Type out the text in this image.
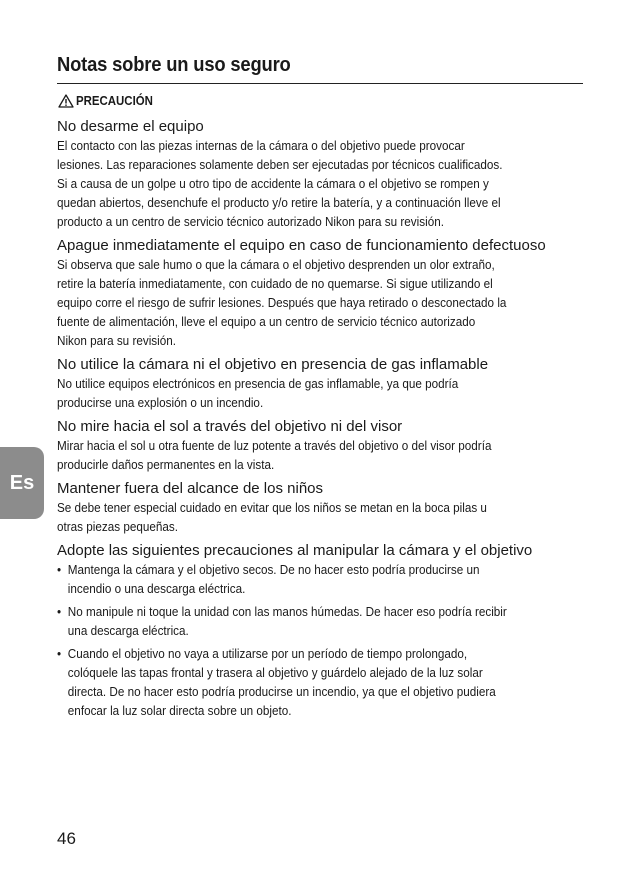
Notas sobre un uso seguro
PRECAUCIÓN
No desarme el equipo

El contacto con las piezas internas de la cámara o del objetivo puede provocar
lesiones. Las reparaciones solamente deben ser ejecutadas por técnicos cualificados.
Si a causa de un golpe u otro tipo de accidente la cámara o el objetivo se rompen y
quedan abiertos, desenchufe el producto y/o retire la batería, y a continuación lleve el
producto a un centro de servicio técnico autorizado Nikon para su revisión.

Apague inmediatamente el equipo en caso de funcionamiento defectuoso

Si observa que sale humo o que la cámara o el objetivo desprenden un olor extraño,
retire la batería inmediatamente, con cuidado de no quemarse. Si sigue utilizando el
equipo corre el riesgo de sufrir lesiones. Después que haya retirado o desconectado la
fuente de alimentación, lleve el equipo a un centro de servicio técnico autorizado
Nikon para su revisión.

No utilice la cámara ni el objetivo en presencia de gas inflamable

No utilice equipos electrónicos en presencia de gas inflamable, ya que podría
producirse una explosión o un incendio.

No mire hacia el sol a través del objetivo ni del visor

Mirar hacia el sol u otra fuente de luz potente a través del objetivo o del visor podría
producirle daños permanentes en la vista.

Mantener fuera del alcance de los niños

Se debe tener especial cuidado en evitar que los niños se metan en la boca pilas u
otras piezas pequeñas.

Adopte las siguientes precauciones al manipular la cámara y el objetivo
• Mantenga la cámara y el objetivo secos. De no hacer esto podría producirse un
incendio o una descarga eléctrica.
• No manipule ni toque la unidad con las manos húmedas. De hacer eso podría recibir
una descarga eléctrica.
• Cuando el objetivo no vaya a utilizarse por un período de tiempo prolongado,
colóquele las tapas frontal y trasera al objetivo y guárdelo alejado de la luz solar
directa. De no hacer esto podría producirse un incendio, ya que el objetivo pudiera
enfocar la luz solar directa sobre un objeto.
Es
46
